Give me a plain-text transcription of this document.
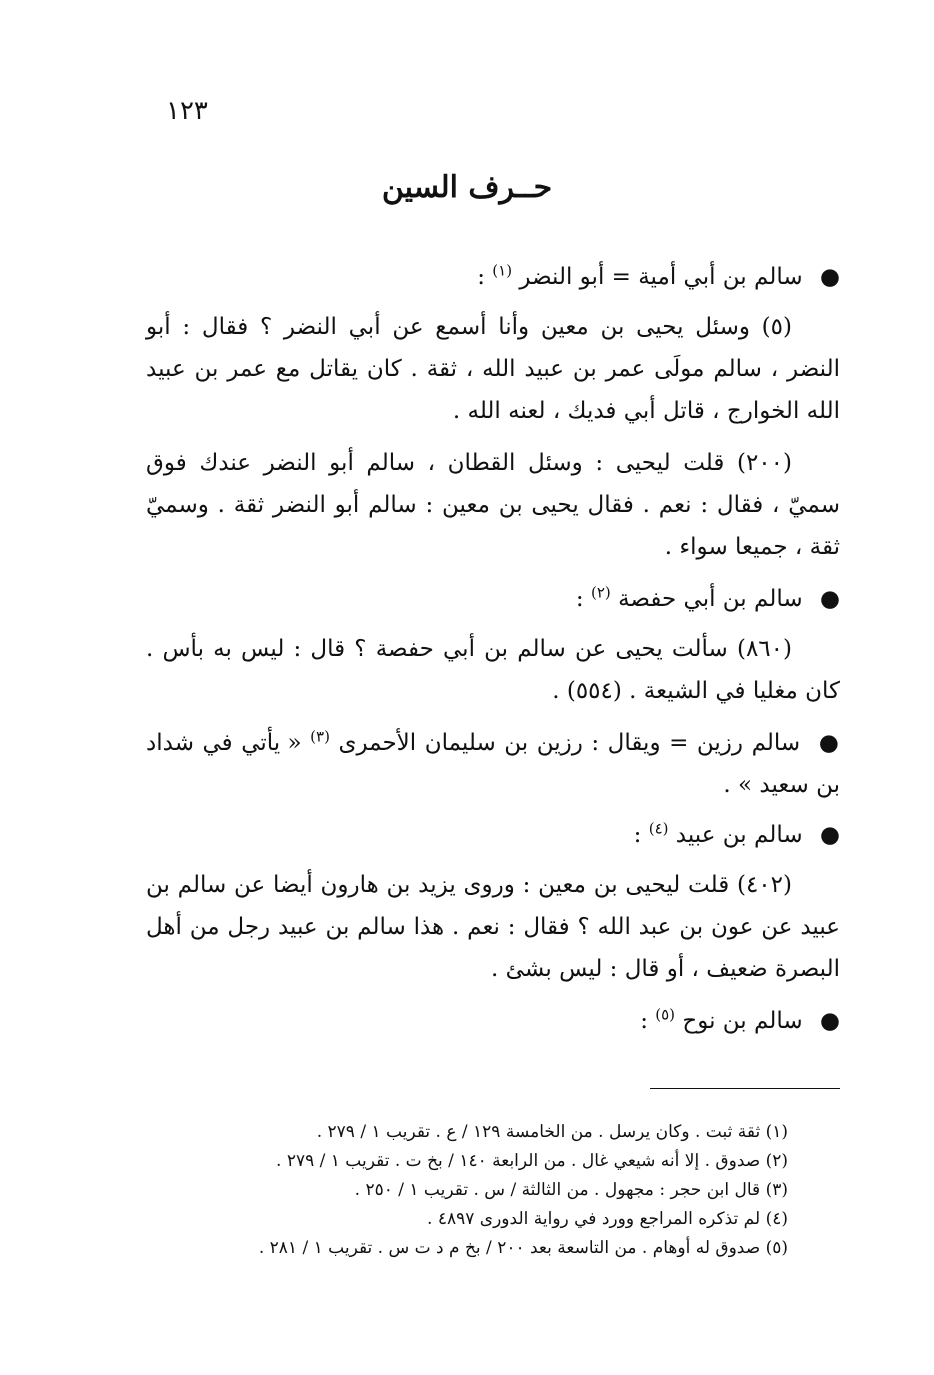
١٢٣
حــرف السين
● سالم بن أبي أمية = أبو النضر $^{(١)}$ :

(٥) وسئل يحيى بن معين وأنا أسمع عن أبي النضر ؟ فقال : أبو النضر ، سالم مولَى عمر بن عبيد الله ، ثقة . كان يقاتل مع عمر بن عبيد الله الخوارج ، قاتل أبي فديك ، لعنه الله .

(٢٠٠) قلت ليحيى : وسئل القطان ، سالم أبو النضر عندك فوق سميّ ، فقال : نعم . فقال يحيى بن معين : سالم أبو النضر ثقة . وسميّ ثقة ، جميعا سواء .

● سالم بن أبي حفصة $^{(٢)}$ :

(٨٦٠) سألت يحيى عن سالم بن أبي حفصة ؟ قال : ليس به بأس . كان مغليا في الشيعة . (٥٥٤) .

● سالم رزين = ويقال : رزين بن سليمان الأحمرى $^{(٣)}$ « يأتي في شداد بن سعيد » .
● سالم بن عبيد $^{(٤)}$ :

(٤٠٢) قلت ليحيى بن معين : وروى يزيد بن هارون أيضا عن سالم بن عبيد عن عون بن عبد الله ؟ فقال : نعم . هذا سالم بن عبيد رجل من أهل البصرة ضعيف ، أو قال : ليس بشئ .

● سالم بن نوح $^{(٥)}$ :
(١) ثقة ثبت . وكان يرسل . من الخامسة ١٢٩ / ع . تقريب ١ / ٢٧٩ .
(٢) صدوق . إلا أنه شيعي غال . من الرابعة ١٤٠ / بخ ت . تقريب ١ / ٢٧٩ .
(٣) قال ابن حجر : مجهول . من الثالثة / س . تقريب ١ / ٢٥٠ .
(٤) لم تذكره المراجع وورد في رواية الدورى ٤٨٩٧ .
(٥) صدوق له أوهام . من التاسعة بعد ٢٠٠ / بخ م د ت س . تقريب ١ / ٢٨١ .
